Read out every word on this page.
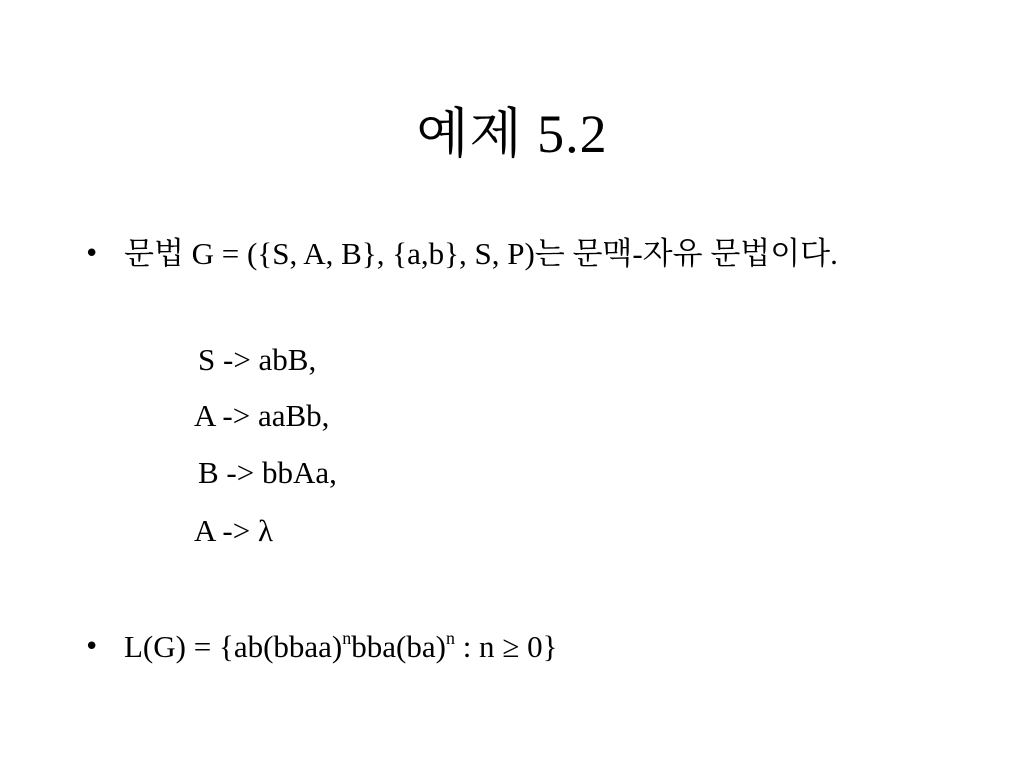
예제 5.2
• 문법 G = ({S, A, B}, {a,b}, S, P)는 문맥-자유 문법이다.
S -> abB,
A -> aaBb,
B -> bbAa,
A -> λ
• L(G) = {ab(bbaa)$^n$bba(ba)$^n$ : n ≥ 0}
